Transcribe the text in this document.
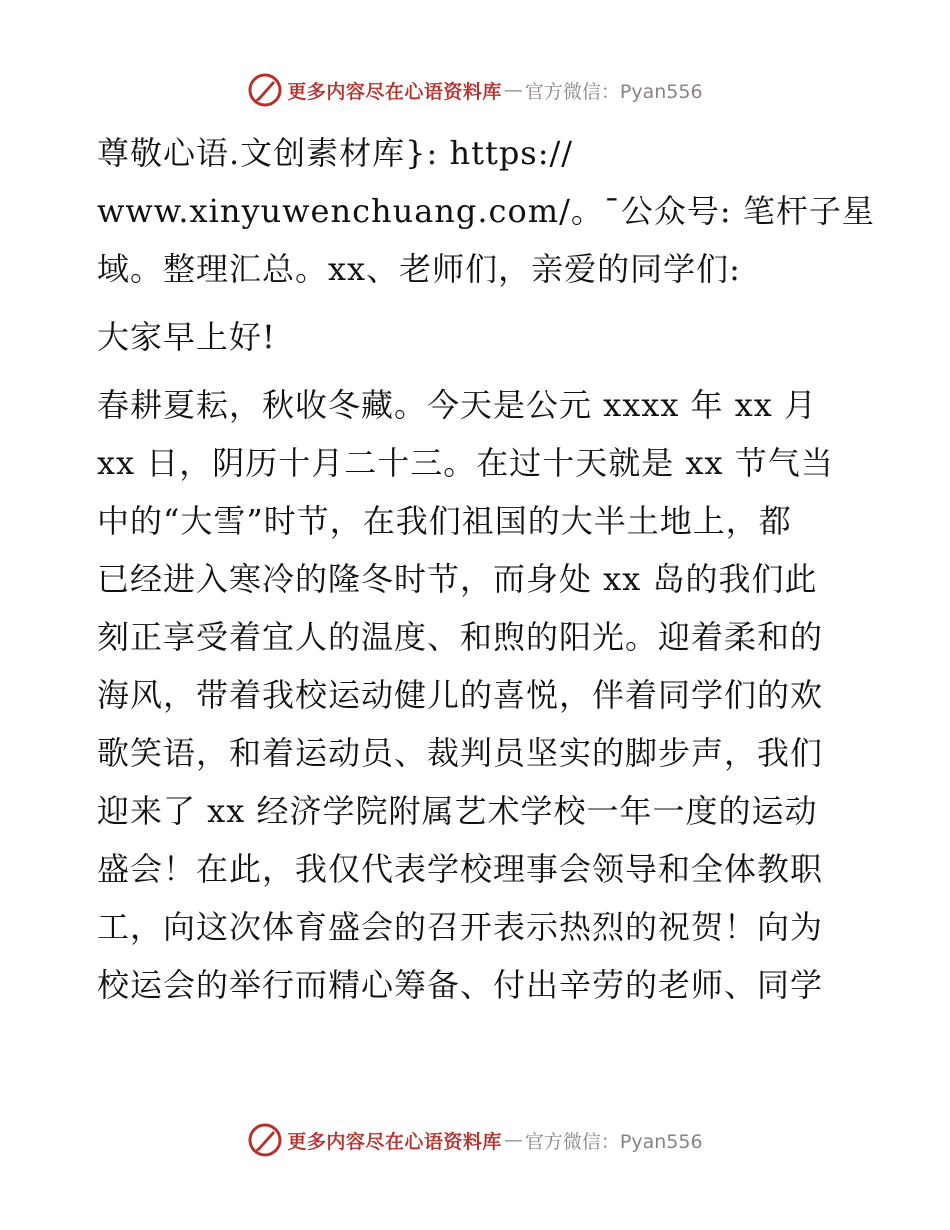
更多内容尽在心语资料库 — 官方微信：Pyan556
尊敬心语.文创素材库}: https://
www.xinyuwenchuang.com/。¯公众号: 笔杆子星
域。整理汇总。xx、老师们，亲爱的同学们:
大家早上好!
春耕夏耘，秋收冬藏。今天是公元 xxxx 年 xx 月
xx 日，阴历十月二十三。在过十天就是 xx 节气当
中的“大雪”时节，在我们祖国的大半土地上，都
已经进入寒冷的隆冬时节，而身处 xx 岛的我们此
刻正享受着宜人的温度、和煦的阳光。迎着柔和的
海风，带着我校运动健儿的喜悦，伴着同学们的欢
歌笑语，和着运动员、裁判员坚实的脚步声，我们
迎来了 xx 经济学院附属艺术学校一年一度的运动
盛会！在此，我仅代表学校理事会领导和全体教职
工，向这次体育盛会的召开表示热烈的祝贺！向为
校运会的举行而精心筹备、付出辛劳的老师、同学
更多内容尽在心语资料库 — 官方微信：Pyan556
